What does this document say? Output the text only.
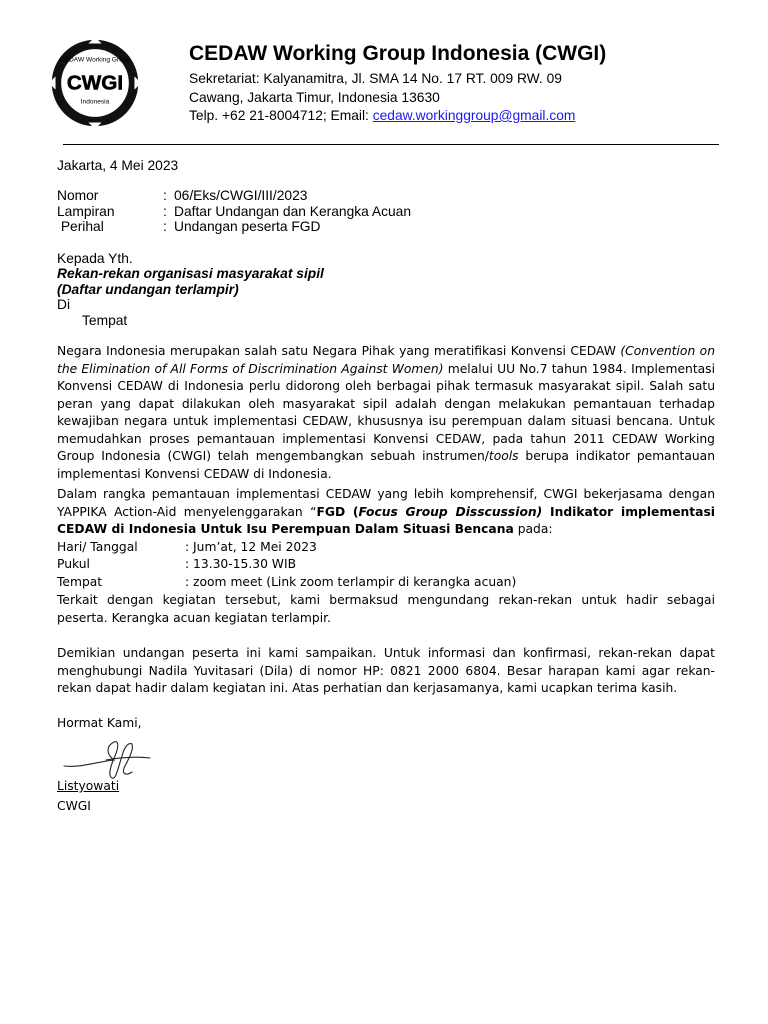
CEDAW Working Group
CWGI
Indonesia
CEDAW Working Group Indonesia (CWGI)
Sekretariat: Kalyanamitra, Jl. SMA 14 No. 17 RT. 009 RW. 09
Cawang, Jakarta Timur, Indonesia 13630
Telp. +62 21-8004712; Email: cedaw.workinggroup@gmail.com
Jakarta, 4 Mei 2023
Nomor	: 06/Eks/CWGI/III/2023
Lampiran	: Daftar Undangan dan Kerangka Acuan
Perihal	: Undangan peserta FGD
Kepada Yth.
Rekan-rekan organisasi masyarakat sipil
(Daftar undangan terlampir)
Di
Tempat
Negara Indonesia merupakan salah satu Negara Pihak yang meratifikasi Konvensi CEDAW (Convention on the Elimination of All Forms of Discrimination Against Women) melalui UU No.7 tahun 1984. Implementasi Konvensi CEDAW di Indonesia perlu didorong oleh berbagai pihak termasuk masyarakat sipil. Salah satu peran yang dapat dilakukan oleh masyarakat sipil adalah dengan melakukan pemantauan terhadap kewajiban negara untuk implementasi CEDAW, khususnya isu perempuan dalam situasi bencana. Untuk memudahkan proses pemantauan implementasi Konvensi CEDAW, pada tahun 2011 CEDAW Working Group Indonesia (CWGI) telah mengembangkan sebuah instrumen/tools berupa indikator pemantauan implementasi Konvensi CEDAW di Indonesia.
Dalam rangka pemantauan implementasi CEDAW yang lebih komprehensif, CWGI bekerjasama dengan YAPPIKA Action-Aid menyelenggarakan “FGD (Focus Group Disscussion) Indikator implementasi CEDAW di Indonesia Untuk Isu Perempuan Dalam Situasi Bencana pada:
Hari/ Tanggal	: Jum’at, 12 Mei 2023
Pukul	: 13.30-15.30 WIB
Tempat	: zoom meet (Link zoom terlampir di kerangka acuan)
Terkait dengan kegiatan tersebut, kami bermaksud mengundang rekan-rekan untuk hadir sebagai peserta. Kerangka acuan kegiatan terlampir.
Demikian undangan peserta ini kami sampaikan. Untuk informasi dan konfirmasi, rekan-rekan dapat menghubungi Nadila Yuvitasari (Dila) di nomor HP: 0821 2000 6804. Besar harapan kami agar rekan-rekan dapat hadir dalam kegiatan ini. Atas perhatian dan kerjasamanya, kami ucapkan terima kasih.
Hormat Kami,
Listyowati
CWGI
